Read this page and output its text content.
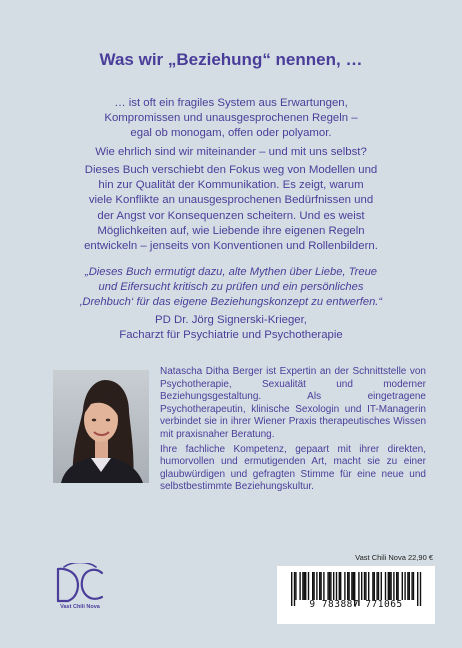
Was wir „Beziehung“ nennen, …
… ist oft ein fragiles System aus Erwartungen,
Kompromissen und unausgesprochenen Regeln –
egal ob monogam, offen oder polyamor.
Wie ehrlich sind wir miteinander – und mit uns selbst?
Dieses Buch verschiebt den Fokus weg von Modellen und
hin zur Qualität der Kommunikation. Es zeigt, warum
viele Konflikte an unausgesprochenen Bedürfnissen und
der Angst vor Konsequenzen scheitern. Und es weist
Möglichkeiten auf, wie Liebende ihre eigenen Regeln
entwickeln – jenseits von Konventionen und Rollenbildern.
„Dieses Buch ermutigt dazu, alte Mythen über Liebe, Treue
und Eifersucht kritisch zu prüfen und ein persönliches
‚Drehbuch‘ für das eigene Beziehungskonzept zu entwerfen.“
PD Dr. Jörg Signerski-Krieger,
Facharzt für Psychiatrie und Psychotherapie

Natascha Ditha Berger ist Expertin an der Schnittstelle von Psychotherapie, Sexualität und moderner Beziehungsgestaltung. Als eingetragene Psychotherapeutin, klinische Sexologin und IT-Managerin verbindet sie in ihrer Wiener Praxis therapeutisches Wissen mit praxisnaher Beratung.

Ihre fachliche Kompetenz, gepaart mit ihrer direkten, humorvollen und ermutigenden Art, macht sie zu einer glaubwürdigen und gefragten Stimme für eine neue und selbstbestimmte Beziehungskultur.

Vast Chili Nova
Vast Chili Nova 22,90 €
9 783887 771065
